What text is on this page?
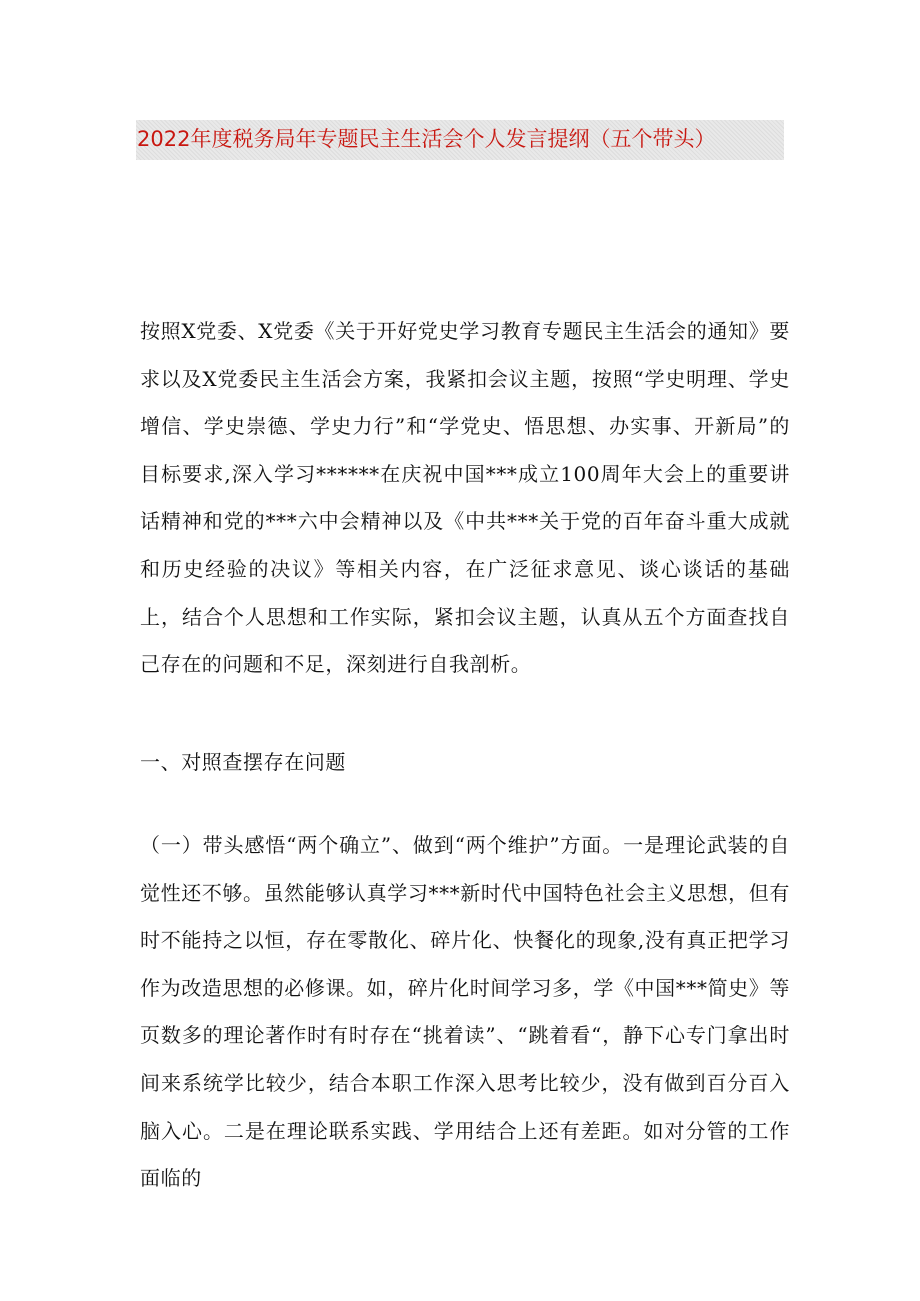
2022年度税务局年专题民主生活会个人发言提纲（五个带头）

按照X党委、X党委《关于开好党史学习教育专题民主生活会的通知》要求以及X党委民主生活会方案，我紧扣会议主题，按照“学史明理、学史增信、学史崇德、学史力行”和“学党史、悟思想、办实事、开新局”的目标要求,深入学习******在庆祝中国***成立100周年大会上的重要讲话精神和党的***六中会精神以及《中共***关于党的百年奋斗重大成就和历史经验的决议》等相关内容，在广泛征求意见、谈心谈话的基础上，结合个人思想和工作实际，紧扣会议主题，认真从五个方面查找自己存在的问题和不足，深刻进行自我剖析。

一、对照查摆存在问题

（一）带头感悟“两个确立”、做到“两个维护”方面。一是理论武装的自觉性还不够。虽然能够认真学习***新时代中国特色社会主义思想，但有时不能持之以恒，存在零散化、碎片化、快餐化的现象,没有真正把学习作为改造思想的必修课。如，碎片化时间学习多，学《中国***简史》等页数多的理论著作时有时存在“挑着读”、“跳着看“，静下心专门拿出时间来系统学比较少，结合本职工作深入思考比较少，没有做到百分百入脑入心。二是在理论联系实践、学用结合上还有差距。如对分管的工作面临的
